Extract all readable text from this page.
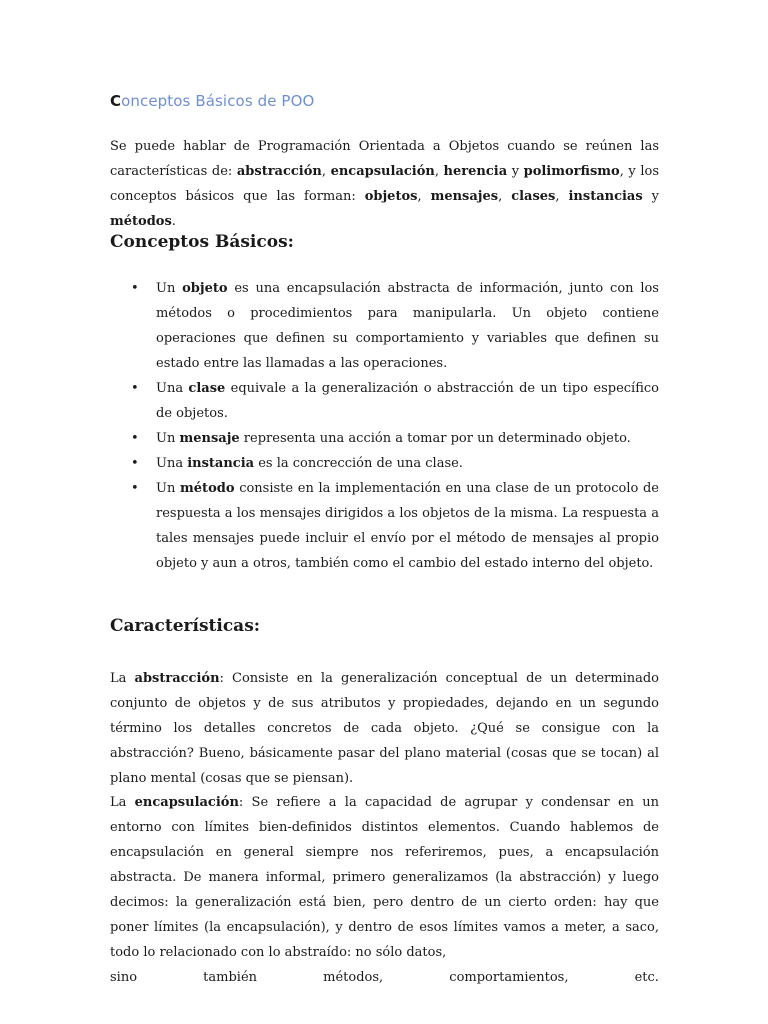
Conceptos Básicos de POO

Se puede hablar de Programación Orientada a Objetos cuando se reúnen las características de: abstracción, encapsulación, herencia y polimorfismo, y los conceptos básicos que las forman: objetos, mensajes, clases, instancias y métodos.

Conceptos Básicos:
• Un objeto es una encapsulación abstracta de información, junto con los métodos o procedimientos para manipularla. Un objeto contiene operaciones que definen su comportamiento y variables que definen su estado entre las llamadas a las operaciones.
• Una clase equivale a la generalización o abstracción de un tipo específico de objetos.
• Un mensaje representa una acción a tomar por un determinado objeto.
• Una instancia es la concrección de una clase.
• Un método consiste en la implementación en una clase de un protocolo de respuesta a los mensajes dirigidos a los objetos de la misma. La respuesta a tales mensajes puede incluir el envío por el método de mensajes al propio objeto y aun a otros, también como el cambio del estado interno del objeto.
Características:

La abstracción: Consiste en la generalización conceptual de un determinado conjunto de objetos y de sus atributos y propiedades, dejando en un segundo término los detalles concretos de cada objeto. ¿Qué se consigue con la abstracción? Bueno, básicamente pasar del plano material (cosas que se tocan) al plano mental (cosas que se piensan).

La encapsulación: Se refiere a la capacidad de agrupar y condensar en un entorno con límites bien-definidos distintos elementos. Cuando hablemos de encapsulación en general siempre nos referiremos, pues, a encapsulación abstracta. De manera informal, primero generalizamos (la abstracción) y luego decimos: la generalización está bien, pero dentro de un cierto orden: hay que poner límites (la encapsulación), y dentro de esos límites vamos a meter, a saco, todo lo relacionado con lo abstraído: no sólo datos,

sino	también	métodos,	comportamientos,	etc.
